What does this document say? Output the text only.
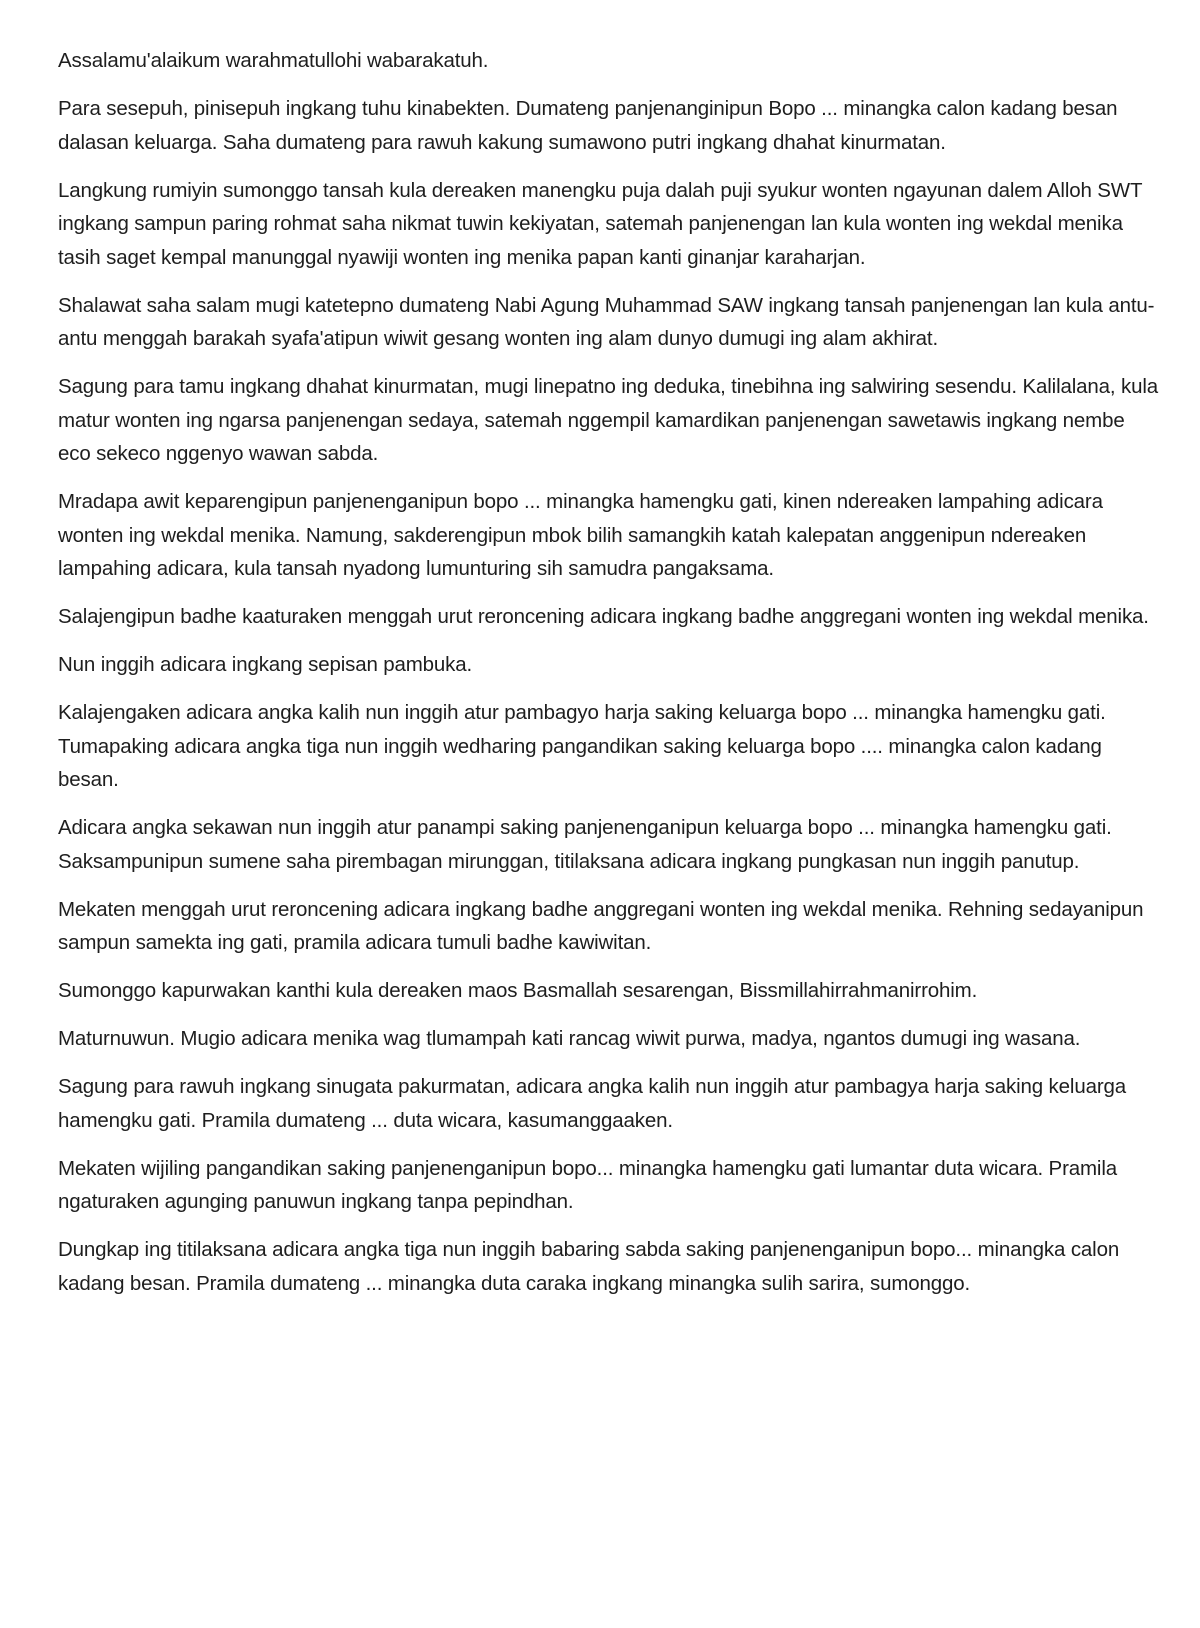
Assalamu'alaikum warahmatullohi wabarakatuh.

Para sesepuh, pinisepuh ingkang tuhu kinabekten. Dumateng panjenanginipun Bopo ... minangka calon kadang besan dalasan keluarga. Saha dumateng para rawuh kakung sumawono putri ingkang dhahat kinurmatan.

Langkung rumiyin sumonggo tansah kula dereaken manengku puja dalah puji syukur wonten ngayunan dalem Alloh SWT ingkang sampun paring rohmat saha nikmat tuwin kekiyatan, satemah panjenengan lan kula wonten ing wekdal menika tasih saget kempal manunggal nyawiji wonten ing menika papan kanti ginanjar karaharjan.

Shalawat saha salam mugi katetepno dumateng Nabi Agung Muhammad SAW ingkang tansah panjenengan lan kula antu-antu menggah barakah syafa'atipun wiwit gesang wonten ing alam dunyo dumugi ing alam akhirat.

Sagung para tamu ingkang dhahat kinurmatan, mugi linepatno ing deduka, tinebihna ing salwiring sesendu. Kalilalana, kula matur wonten ing ngarsa panjenengan sedaya, satemah nggempil kamardikan panjenengan sawetawis ingkang nembe eco sekeco nggenyo wawan sabda.

Mradapa awit keparengipun panjenenganipun bopo ... minangka hamengku gati, kinen ndereaken lampahing adicara wonten ing wekdal menika. Namung, sakderengipun mbok bilih samangkih katah kalepatan anggenipun ndereaken lampahing adicara, kula tansah nyadong lumunturing sih samudra pangaksama.

Salajengipun badhe kaaturaken menggah urut reroncening adicara ingkang badhe anggregani wonten ing wekdal menika.

Nun inggih adicara ingkang sepisan pambuka.

Kalajengaken adicara angka kalih nun inggih atur pambagyo harja saking keluarga bopo ... minangka hamengku gati. Tumapaking adicara angka tiga nun inggih wedharing pangandikan saking keluarga bopo .... minangka calon kadang besan.

Adicara angka sekawan nun inggih atur panampi saking panjenenganipun keluarga bopo ... minangka hamengku gati. Saksampunipun sumene saha pirembagan mirunggan, titilaksana adicara ingkang pungkasan nun inggih panutup.

Mekaten menggah urut reroncening adicara ingkang badhe anggregani wonten ing wekdal menika. Rehning sedayanipun sampun samekta ing gati, pramila adicara tumuli badhe kawiwitan.

Sumonggo kapurwakan kanthi kula dereaken maos Basmallah sesarengan, Bissmillahirrahmanirrohim.

Maturnuwun. Mugio adicara menika wag tlumampah kati rancag wiwit purwa, madya, ngantos dumugi ing wasana.

Sagung para rawuh ingkang sinugata pakurmatan, adicara angka kalih nun inggih atur pambagya harja saking keluarga hamengku gati. Pramila dumateng ... duta wicara, kasumanggaaken.

Mekaten wijiling pangandikan saking panjenenganipun bopo... minangka hamengku gati lumantar duta wicara. Pramila ngaturaken agunging panuwun ingkang tanpa pepindhan.

Dungkap ing titilaksana adicara angka tiga nun inggih babaring sabda saking panjenenganipun bopo... minangka calon kadang besan. Pramila dumateng ... minangka duta caraka ingkang minangka sulih sarira, sumonggo.
